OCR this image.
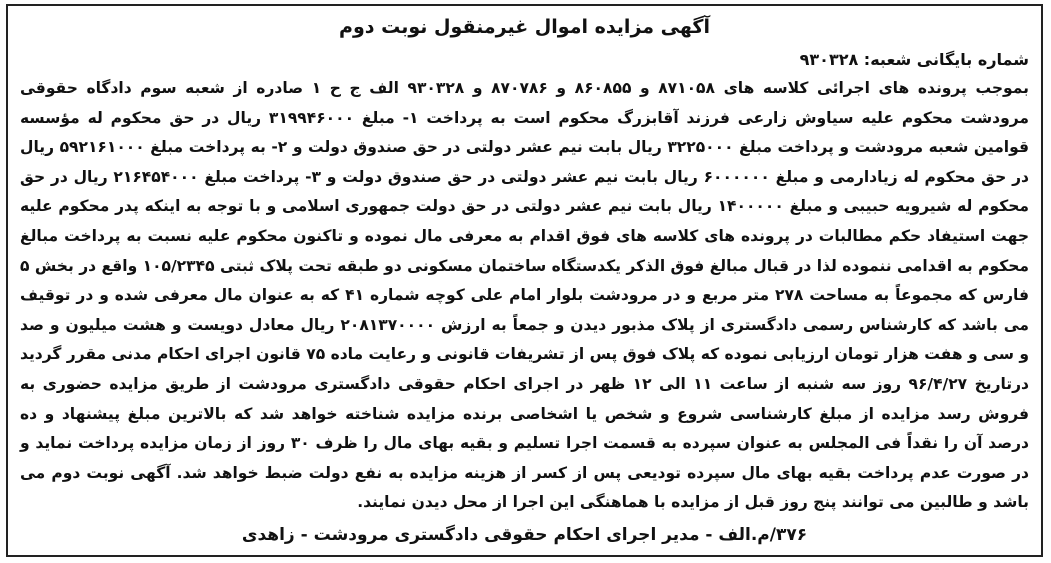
آگهی مزایده اموال غیرمنقول نوبت دوم

شماره بایگانی شعبه: ۹۳۰۳۲۸

بموجب پرونده های اجرائی کلاسه های ۸۷۱۰۵۸ و ۸۶۰۸۵۵ و ۸۷۰۷۸۶ و ۹۳۰۳۲۸ الف ج ح ۱ صادره از شعبه سوم دادگاه حقوقی مرودشت محکوم علیه سیاوش زارعی فرزند آقابزرگ محکوم است به پرداخت ۱- مبلغ ۳۱۹۹۴۶۰۰۰ ریال در حق محکوم له مؤسسه قوامین شعبه مرودشت و پرداخت مبلغ ۳۲۲۵۰۰۰ ریال بابت نیم عشر دولتی در حق صندوق دولت و ۲- به پرداخت مبلغ ۵۹۲۱۶۱۰۰۰ ریال در حق محکوم له زیادارمی و مبلغ ۶۰۰۰۰۰۰ ریال بابت نیم عشر دولتی در حق صندوق دولت و ۳- پرداخت مبلغ ۲۱۶۴۵۴۰۰۰ ریال در حق محکوم له شیرویه حبیبی و مبلغ ۱۴۰۰۰۰۰ ریال بابت نیم عشر دولتی در حق دولت جمهوری اسلامی و با توجه به اینکه پدر محکوم علیه جهت استیفاد حکم مطالبات در پرونده های کلاسه های فوق اقدام به معرفی مال نموده و تاکنون محکوم علیه نسبت به پرداخت مبالغ محکوم به اقدامی ننموده لذا در قبال مبالغ فوق الذکر یکدستگاه ساختمان مسکونی دو طبقه تحت پلاک ثبتی ۱۰۵/۲۳۴۵ واقع در بخش ۵ فارس که مجموعاً به مساحت ۲۷۸ متر مربع و در مرودشت بلوار امام علی کوچه شماره ۴۱ که به عنوان مال معرفی شده و در توقیف می باشد که کارشناس رسمی دادگستری از پلاک مذبور دیدن و جمعاً به ارزش ۲۰۸۱۳۷۰۰۰۰ ریال معادل دویست و هشت میلیون و صد و سی و هفت هزار تومان ارزیابی نموده که پلاک فوق پس از تشریفات قانونی و رعایت ماده ۷۵ قانون اجرای احکام مدنی مقرر گردید درتاریخ ۹۶/۴/۲۷ روز سه شنبه از ساعت ۱۱ الی ۱۲ ظهر در اجرای احکام حقوقی دادگستری مرودشت از طریق مزایده حضوری به فروش رسد مزایده از مبلغ کارشناسی شروع و شخص یا اشخاصی برنده مزایده شناخته خواهد شد که بالاترین مبلغ پیشنهاد و ده درصد آن را نقداً فی المجلس به عنوان سپرده به قسمت اجرا تسلیم و بقیه بهای مال را ظرف ۳۰ روز از زمان مزایده پرداخت نماید و در صورت عدم پرداخت بقیه بهای مال سپرده تودیعی پس از کسر از هزینه مزایده به نفع دولت ضبط خواهد شد. آگهی نوبت دوم می باشد و طالبین می توانند پنج روز قبل از مزایده با هماهنگی این اجرا از محل دیدن نمایند.

۳۷۶/م.الف - مدیر اجرای احکام حقوقی دادگستری مرودشت - زاهدی
